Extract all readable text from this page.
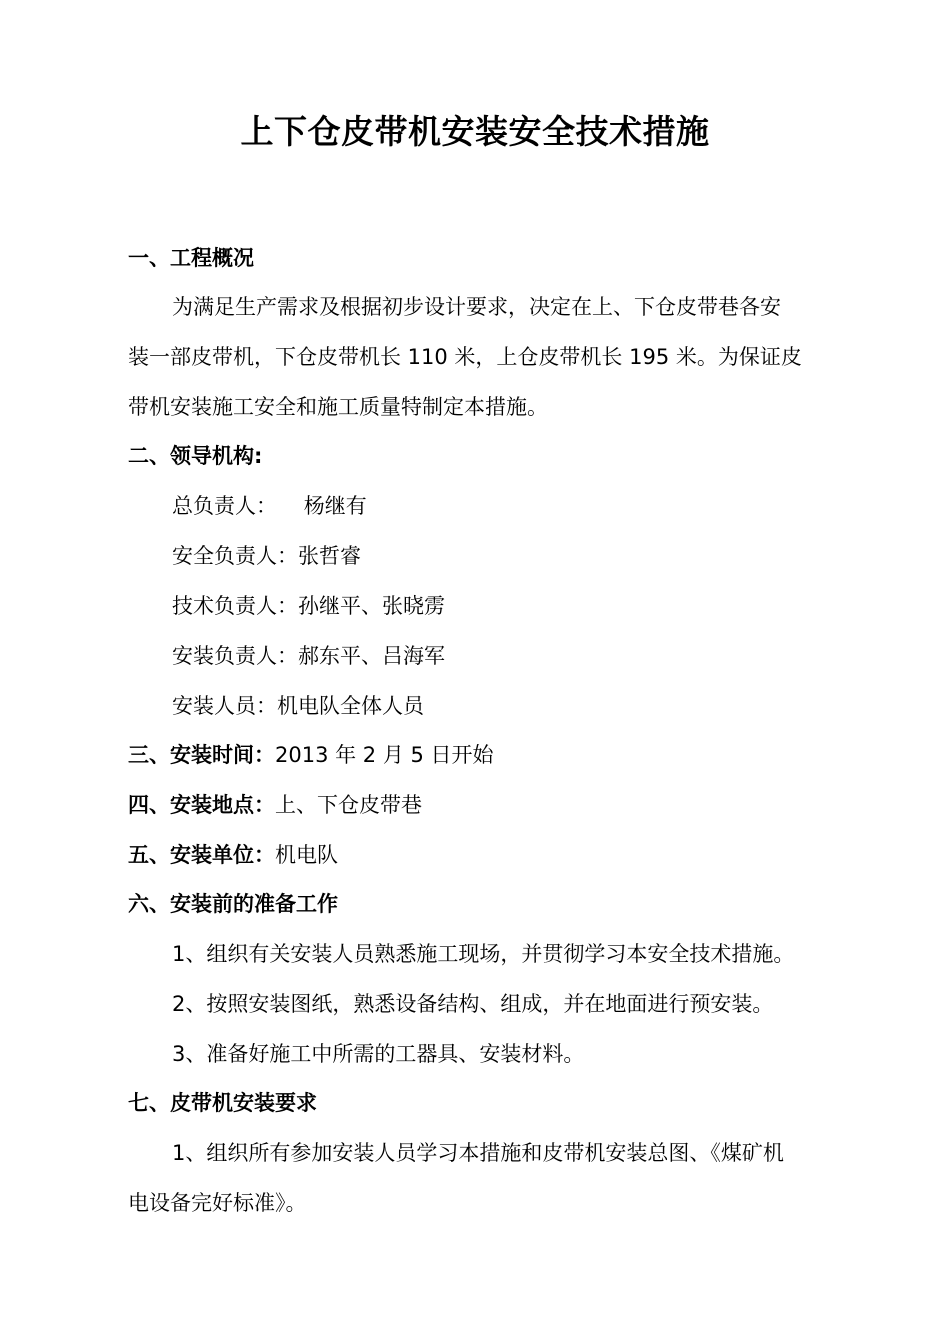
上下仓皮带机安装安全技术措施
一、工程概况
为满足生产需求及根据初步设计要求，决定在上、下仓皮带巷各安
装一部皮带机，下仓皮带机长 110 米，上仓皮带机长 195 米。为保证皮
带机安装施工安全和施工质量特制定本措施。
二、领导机构:
总负责人：    杨继有
安全负责人：张哲睿
技术负责人：孙继平、张晓雳
安装负责人：郝东平、吕海军
安装人员：机电队全体人员
三、安装时间：2013 年 2 月 5 日开始
四、安装地点：上、下仓皮带巷
五、安装单位：机电队
六、安装前的准备工作
1、组织有关安装人员熟悉施工现场，并贯彻学习本安全技术措施。
2、按照安装图纸，熟悉设备结构、组成，并在地面进行预安装。
3、准备好施工中所需的工器具、安装材料。
七、皮带机安装要求
1、组织所有参加安装人员学习本措施和皮带机安装总图、《煤矿机
电设备完好标准》。
